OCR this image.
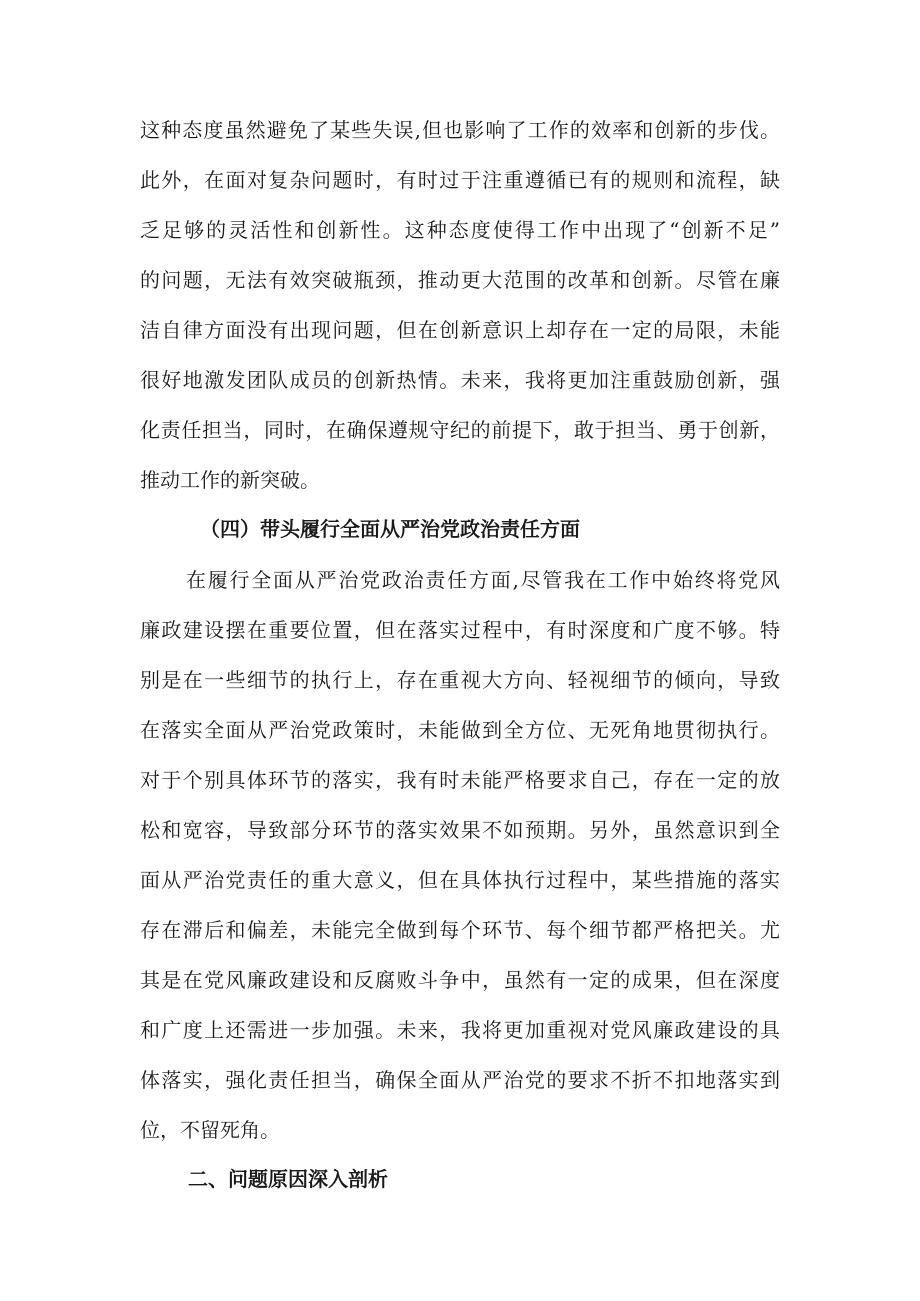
这种态度虽然避免了某些失误,但也影响了工作的效率和创新的步伐。

此外，在面对复杂问题时，有时过于注重遵循已有的规则和流程，缺

乏足够的灵活性和创新性。这种态度使得工作中出现了“创新不足”

的问题，无法有效突破瓶颈，推动更大范围的改革和创新。尽管在廉

洁自律方面没有出现问题，但在创新意识上却存在一定的局限，未能

很好地激发团队成员的创新热情。未来，我将更加注重鼓励创新，强

化责任担当，同时，在确保遵规守纪的前提下，敢于担当、勇于创新，

推动工作的新突破。

（四）带头履行全面从严治党政治责任方面

在履行全面从严治党政治责任方面,尽管我在工作中始终将党风

廉政建设摆在重要位置，但在落实过程中，有时深度和广度不够。特

别是在一些细节的执行上，存在重视大方向、轻视细节的倾向，导致

在落实全面从严治党政策时，未能做到全方位、无死角地贯彻执行。

对于个别具体环节的落实，我有时未能严格要求自己，存在一定的放

松和宽容，导致部分环节的落实效果不如预期。另外，虽然意识到全

面从严治党责任的重大意义，但在具体执行过程中，某些措施的落实

存在滞后和偏差，未能完全做到每个环节、每个细节都严格把关。尤

其是在党风廉政建设和反腐败斗争中，虽然有一定的成果，但在深度

和广度上还需进一步加强。未来，我将更加重视对党风廉政建设的具

体落实，强化责任担当，确保全面从严治党的要求不折不扣地落实到

位，不留死角。

二、问题原因深入剖析
